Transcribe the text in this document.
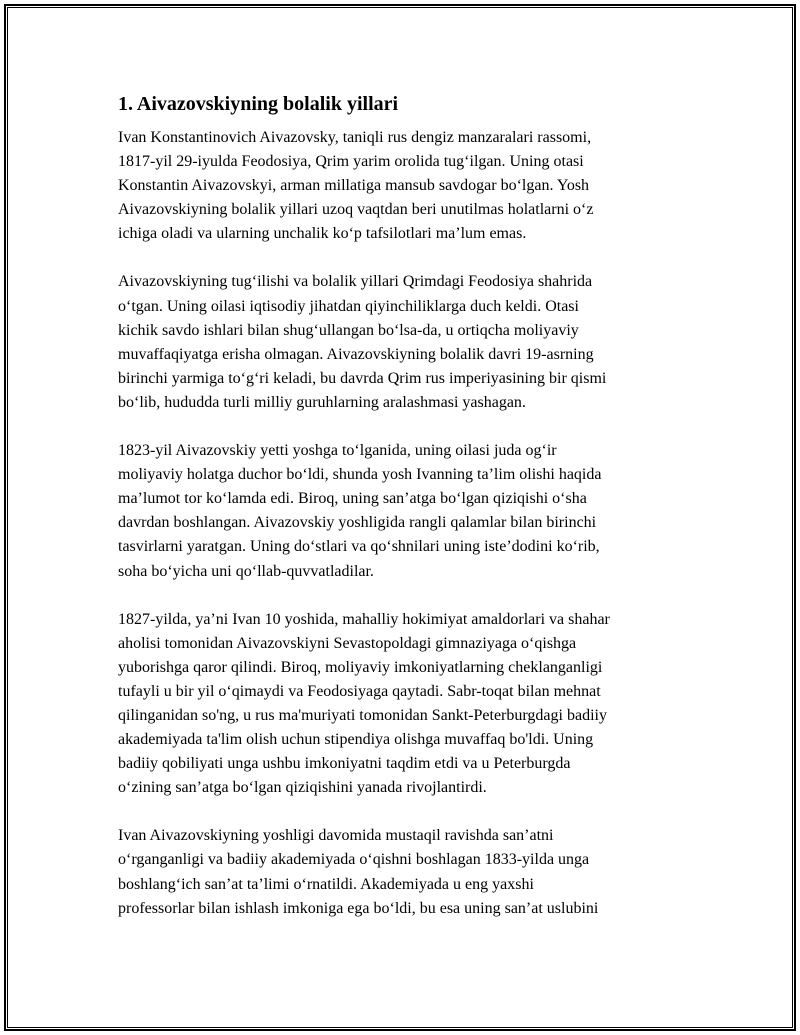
1. Aivazovskiyning bolalik yillari
Ivan Konstantinovich Aivazovsky, taniqli rus dengiz manzaralari rassomi,
1817-yil 29-iyulda Feodosiya, Qrim yarim orolida tug‘ilgan. Uning otasi
Konstantin Aivazovskyi, arman millatiga mansub savdogar bo‘lgan. Yosh
Aivazovskiyning bolalik yillari uzoq vaqtdan beri unutilmas holatlarni o‘z
ichiga oladi va ularning unchalik ko‘p tafsilotlari ma’lum emas.
Aivazovskiyning tug‘ilishi va bolalik yillari Qrimdagi Feodosiya shahrida
o‘tgan. Uning oilasi iqtisodiy jihatdan qiyinchiliklarga duch keldi. Otasi
kichik savdo ishlari bilan shug‘ullangan bo‘lsa-da, u ortiqcha moliyaviy
muvaffaqiyatga erisha olmagan. Aivazovskiyning bolalik davri 19-asrning
birinchi yarmiga to‘g‘ri keladi, bu davrda Qrim rus imperiyasining bir qismi
bo‘lib, hududda turli milliy guruhlarning aralashmasi yashagan.
1823-yil Aivazovskiy yetti yoshga to‘lganida, uning oilasi juda og‘ir
moliyaviy holatga duchor bo‘ldi, shunda yosh Ivanning ta’lim olishi haqida
ma’lumot tor ko‘lamda edi. Biroq, uning san’atga bo‘lgan qiziqishi o‘sha
davrdan boshlangan. Aivazovskiy yoshligida rangli qalamlar bilan birinchi
tasvirlarni yaratgan. Uning do‘stlari va qo‘shnilari uning iste’dodini ko‘rib,
soha bo‘yicha uni qo‘llab-quvvatladilar.
1827-yilda, ya’ni Ivan 10 yoshida, mahalliy hokimiyat amaldorlari va shahar
aholisi tomonidan Aivazovskiyni Sevastopoldagi gimnaziyaga o‘qishga
yuborishga qaror qilindi. Biroq, moliyaviy imkoniyatlarning cheklanganligi
tufayli u bir yil o‘qimaydi va Feodosiyaga qaytadi. Sabr-toqat bilan mehnat
qilinganidan so'ng, u rus ma'muriyati tomonidan Sankt-Peterburgdagi badiiy
akademiyada ta'lim olish uchun stipendiya olishga muvaffaq bo'ldi. Uning
badiiy qobiliyati unga ushbu imkoniyatni taqdim etdi va u Peterburgda
o‘zining san’atga bo‘lgan qiziqishini yanada rivojlantirdi.
Ivan Aivazovskiyning yoshligi davomida mustaqil ravishda san’atni
o‘rganganligi va badiiy akademiyada o‘qishni boshlagan 1833-yilda unga
boshlang‘ich san’at ta’limi o‘rnatildi. Akademiyada u eng yaxshi
professorlar bilan ishlash imkoniga ega bo‘ldi, bu esa uning san’at uslubini
